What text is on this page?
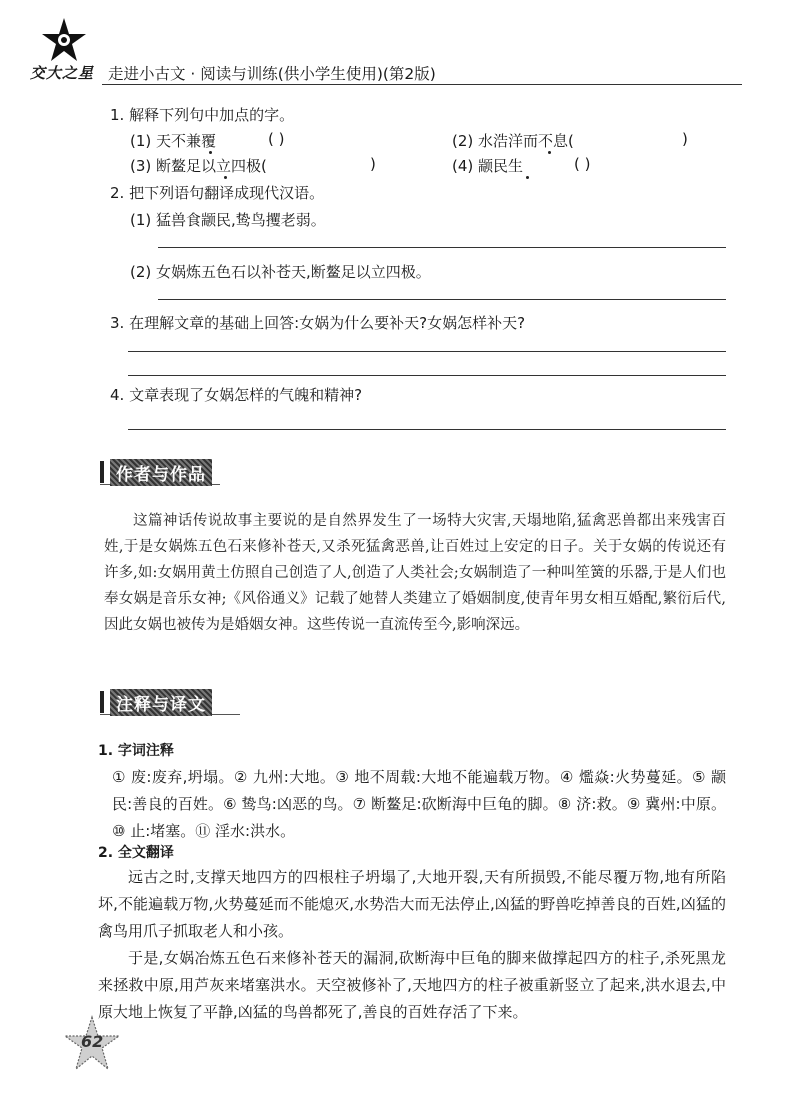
交大之星 走进小古文 · 阅读与训练(供小学生使用)(第2版)
1. 解释下列句中加点的字。
(1) 天不兼覆	( )	(2) 水浩洋而不息(	)
(3) 断鳌足以立四极(	)	(4) 颛民生	( )
2. 把下列语句翻译成现代汉语。
(1) 猛兽食颛民,鸷鸟攫老弱。
(2) 女娲炼五色石以补苍天,断鳌足以立四极。
3. 在理解文章的基础上回答:女娲为什么要补天?女娲怎样补天?
4. 文章表现了女娲怎样的气魄和精神?
作者与作品
这篇神话传说故事主要说的是自然界发生了一场特大灾害,天塌地陷,猛禽恶兽都出来残害百姓,于是女娲炼五色石来修补苍天,又杀死猛禽恶兽,让百姓过上安定的日子。关于女娲的传说还有许多,如:女娲用黄土仿照自己创造了人,创造了人类社会;女娲制造了一种叫笙簧的乐器,于是人们也奉女娲是音乐女神;《风俗通义》记载了她替人类建立了婚姻制度,使青年男女相互婚配,繁衍后代,因此女娲也被传为是婚姻女神。这些传说一直流传至今,影响深远。
注释与译文
1. 字词注释
① 废:废弃,坍塌。② 九州:大地。③ 地不周载:大地不能遍载万物。④ 爁焱:火势蔓延。⑤ 颛民:善良的百姓。⑥ 鸷鸟:凶恶的鸟。⑦ 断鳌足:砍断海中巨龟的脚。⑧ 济:救。⑨ 冀州:中原。⑩ 止:堵塞。⑪ 淫水:洪水。
2. 全文翻译
远古之时,支撑天地四方的四根柱子坍塌了,大地开裂,天有所损毁,不能尽覆万物,地有所陷坏,不能遍载万物,火势蔓延而不能熄灭,水势浩大而无法停止,凶猛的野兽吃掉善良的百姓,凶猛的禽鸟用爪子抓取老人和小孩。
于是,女娲冶炼五色石来修补苍天的漏洞,砍断海中巨龟的脚来做撑起四方的柱子,杀死黑龙来拯救中原,用芦灰来堵塞洪水。天空被修补了,天地四方的柱子被重新竖立了起来,洪水退去,中原大地上恢复了平静,凶猛的鸟兽都死了,善良的百姓存活了下来。
62
